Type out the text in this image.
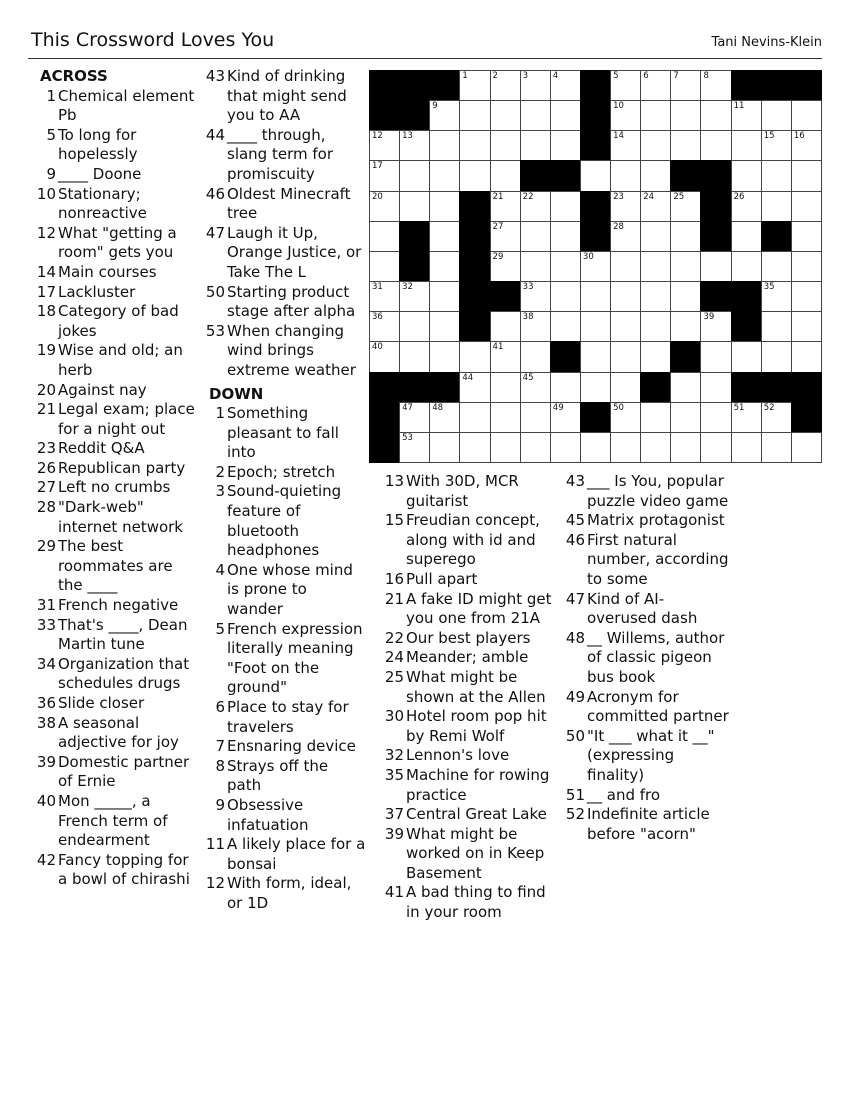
This Crossword Loves You	Tani Nevins-Klein
ACROSS
1 Chemical element Pb
5 To long for hopelessly
9 ____ Doone
10 Stationary; nonreactive
12 What "getting a room" gets you
14 Main courses
17 Lackluster
18 Category of bad jokes
19 Wise and old; an herb
20 Against nay
21 Legal exam; place for a night out
23 Reddit Q&A
26 Republican party
27 Left no crumbs
28 "Dark-web" internet network
29 The best roommates are the ____
31 French negative
33 That's ____, Dean Martin tune
34 Organization that schedules drugs
36 Slide closer
38 A seasonal adjective for joy
39 Domestic partner of Ernie
40 Mon _____, a French term of endearment
42 Fancy topping for a bowl of chirashi
43 Kind of drinking that might send you to AA
44 ____ through, slang term for promiscuity
46 Oldest Minecraft tree
47 Laugh it Up, Orange Justice, or Take The L
50 Starting product stage after alpha
53 When changing wind brings extreme weather
DOWN
1 Something pleasant to fall into
2 Epoch; stretch
3 Sound-quieting feature of bluetooth headphones
4 One whose mind is prone to wander
5 French expression literally meaning "Foot on the ground"
6 Place to stay for travelers
7 Ensnaring device
8 Strays off the path
9 Obsessive infatuation
11 A likely place for a bonsai
12 With form, ideal, or 1D
13 With 30D, MCR guitarist
15 Freudian concept, along with id and superego
16 Pull apart
21 A fake ID might get you one from 21A
22 Our best players
24 Meander; amble
25 What might be shown at the Allen
30 Hotel room pop hit by Remi Wolf
32 Lennon's love
35 Machine for rowing practice
37 Central Great Lake
39 What might be worked on in Keep Basement
41 A bad thing to find in your room
43 ___ Is You, popular puzzle video game
45 Matrix protagonist
46 First natural number, according to some
47 Kind of AI-overused dash
48 __ Willems, author of classic pigeon bus book
49 Acronym for committed partner
50 "It ___ what it __" (expressing finality)
51 __ and fro
52 Indefinite article before "acorn"
1	2	3	4	5	6	7	8
9	10	11
12 13	14	15 16
17
20	21 22	23 24 25	26
27	28
29	30
31 32	33	35
36	38	39
40	41
44	45
47 48	49	50	51 52
53
